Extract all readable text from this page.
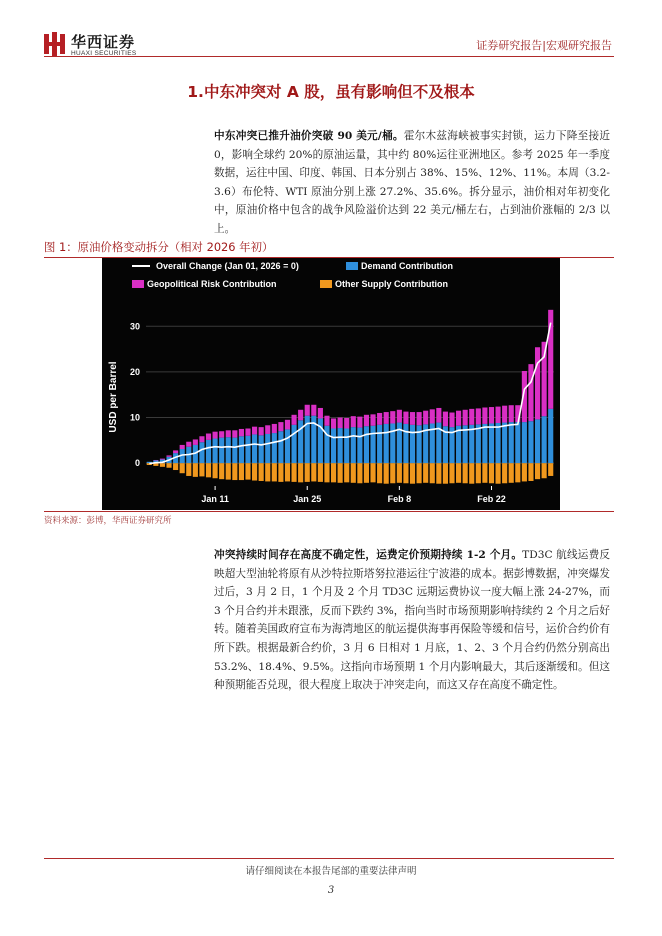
华西证券
HUAXI SECURITIES
证券研究报告|宏观研究报告
1.中东冲突对 A 股，虽有影响但不及根本
中东冲突已推升油价突破 90 美元/桶。霍尔木兹海峡被事实封锁，运力下降至接近 0，影响全球约 20%的原油运量，其中约 80%运往亚洲地区。参考 2025 年一季度数据，运往中国、印度、韩国、日本分别占 38%、15%、12%、11%。本周（3.2-3.6）布伦特、WTI 原油分别上涨 27.2%、35.6%。拆分显示，油价相对年初变化中，原油价格中包含的战争风险溢价达到 22 美元/桶左右，占到油价涨幅的 2/3 以上。
图 1：原油价格变动拆分（相对 2026 年初）
0
10
20
30
Jan 11	Jan 25	Feb 8	Feb 22
USD per Barrel
Overall Change (Jan 01, 2026 = 0)	Demand Contribution
Geopolitical Risk Contribution	Other Supply Contribution
资料来源：彭博，华西证券研究所
冲突持续时间存在高度不确定性，运费定价预期持续 1-2 个月。TD3C 航线运费反映超大型油轮将原有从沙特拉斯塔努拉港运往宁波港的成本。据彭博数据，冲突爆发过后，3 月 2 日，1 个月及 2 个月 TD3C 远期运费协议一度大幅上涨 24-27%，而 3 个月合约并未跟涨，反而下跌约 3%，指向当时市场预期影响持续约 2 个月之后好转。随着美国政府宣布为海湾地区的航运提供海事再保险等缓和信号，运价合约价有所下跌。根据最新合约价，3 月 6 日相对 1 月底，1、2、3 个月合约仍然分别高出 53.2%、18.4%、9.5%。这指向市场预期 1 个月内影响最大，其后逐渐缓和。但这种预期能否兑现，很大程度上取决于冲突走向，而这又存在高度不确定性。
请仔细阅读在本报告尾部的重要法律声明
3
